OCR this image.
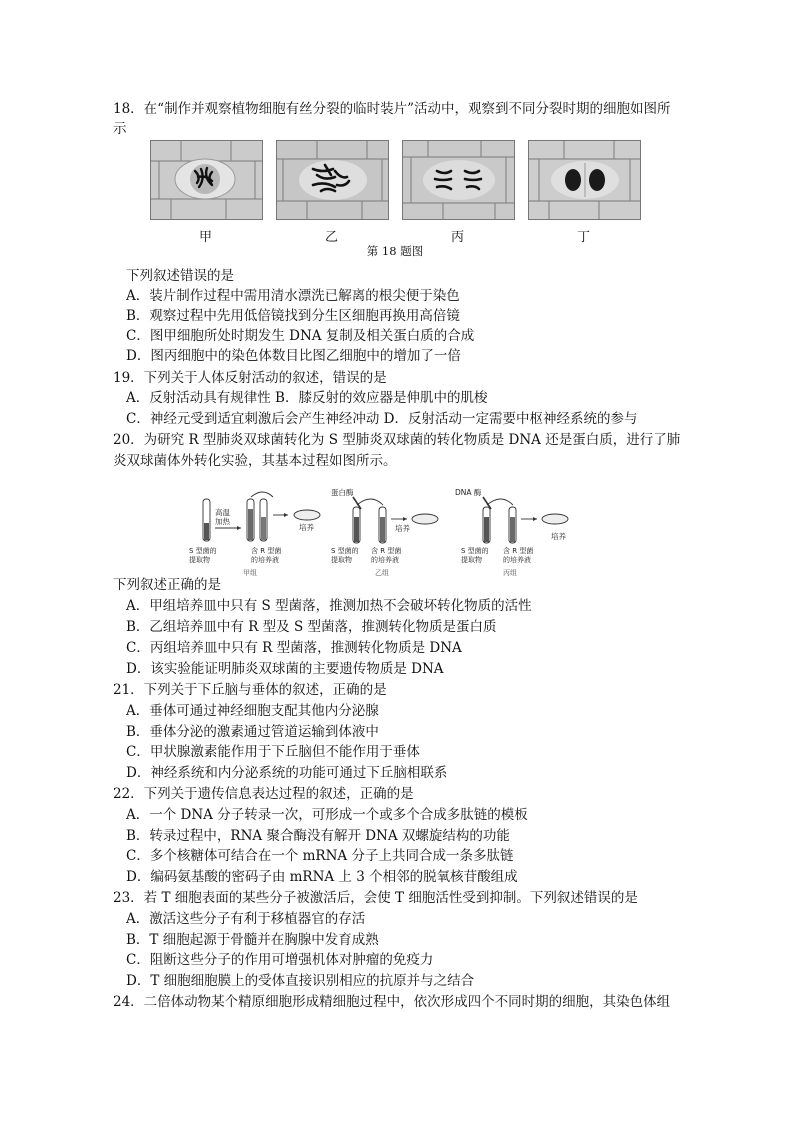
18．在“制作并观察植物细胞有丝分裂的临时装片”活动中，观察到不同分裂时期的细胞如图所
示
甲	乙	丙	丁
第 18 题图
下列叙述错误的是
A．装片制作过程中需用清水漂洗已解离的根尖便于染色
B．观察过程中先用低倍镜找到分生区细胞再换用高倍镜
C．图甲细胞所处时期发生 DNA 复制及相关蛋白质的合成
D．图丙细胞中的染色体数目比图乙细胞中的增加了一倍
19．下列关于人体反射活动的叙述，错误的是
A．反射活动具有规律性 B．膝反射的效应器是伸肌中的肌梭
C．神经元受到适宜刺激后会产生神经冲动 D．反射活动一定需要中枢神经系统的参与
20．为研究 R 型肺炎双球菌转化为 S 型肺炎双球菌的转化物质是 DNA 还是蛋白质，进行了肺
炎双球菌体外转化实验，其基本过程如图所示。
高温
加热
培养
S 型菌的
提取物
含 R 型菌
的培养液
甲组
蛋白酶
培养
S 型菌的
提取物
含 R 型菌
的培养液
乙组
DNA 酶
培养
S 型菌的
提取物
含 R 型菌
的培养液
丙组
下列叙述正确的是
A．甲组培养皿中只有 S 型菌落，推测加热不会破坏转化物质的活性
B．乙组培养皿中有 R 型及 S 型菌落，推测转化物质是蛋白质
C．丙组培养皿中只有 R 型菌落，推测转化物质是 DNA
D．该实验能证明肺炎双球菌的主要遗传物质是 DNA
21．下列关于下丘脑与垂体的叙述，正确的是
A．垂体可通过神经细胞支配其他内分泌腺
B．垂体分泌的激素通过管道运输到体液中
C．甲状腺激素能作用于下丘脑但不能作用于垂体
D．神经系统和内分泌系统的功能可通过下丘脑相联系
22．下列关于遗传信息表达过程的叙述，正确的是
A．一个 DNA 分子转录一次，可形成一个或多个合成多肽链的模板
B．转录过程中，RNA 聚合酶没有解开 DNA 双螺旋结构的功能
C．多个核糖体可结合在一个 mRNA 分子上共同合成一条多肽链
D．编码氨基酸的密码子由 mRNA 上 3 个相邻的脱氧核苷酸组成
23．若 T 细胞表面的某些分子被激活后，会使 T 细胞活性受到抑制。下列叙述错误的是
A．激活这些分子有利于移植器官的存活
B．T 细胞起源于骨髓并在胸腺中发育成熟
C．阻断这些分子的作用可增强机体对肿瘤的免疫力
D．T 细胞细胞膜上的受体直接识别相应的抗原并与之结合
24．二倍体动物某个精原细胞形成精细胞过程中，依次形成四个不同时期的细胞，其染色体组
